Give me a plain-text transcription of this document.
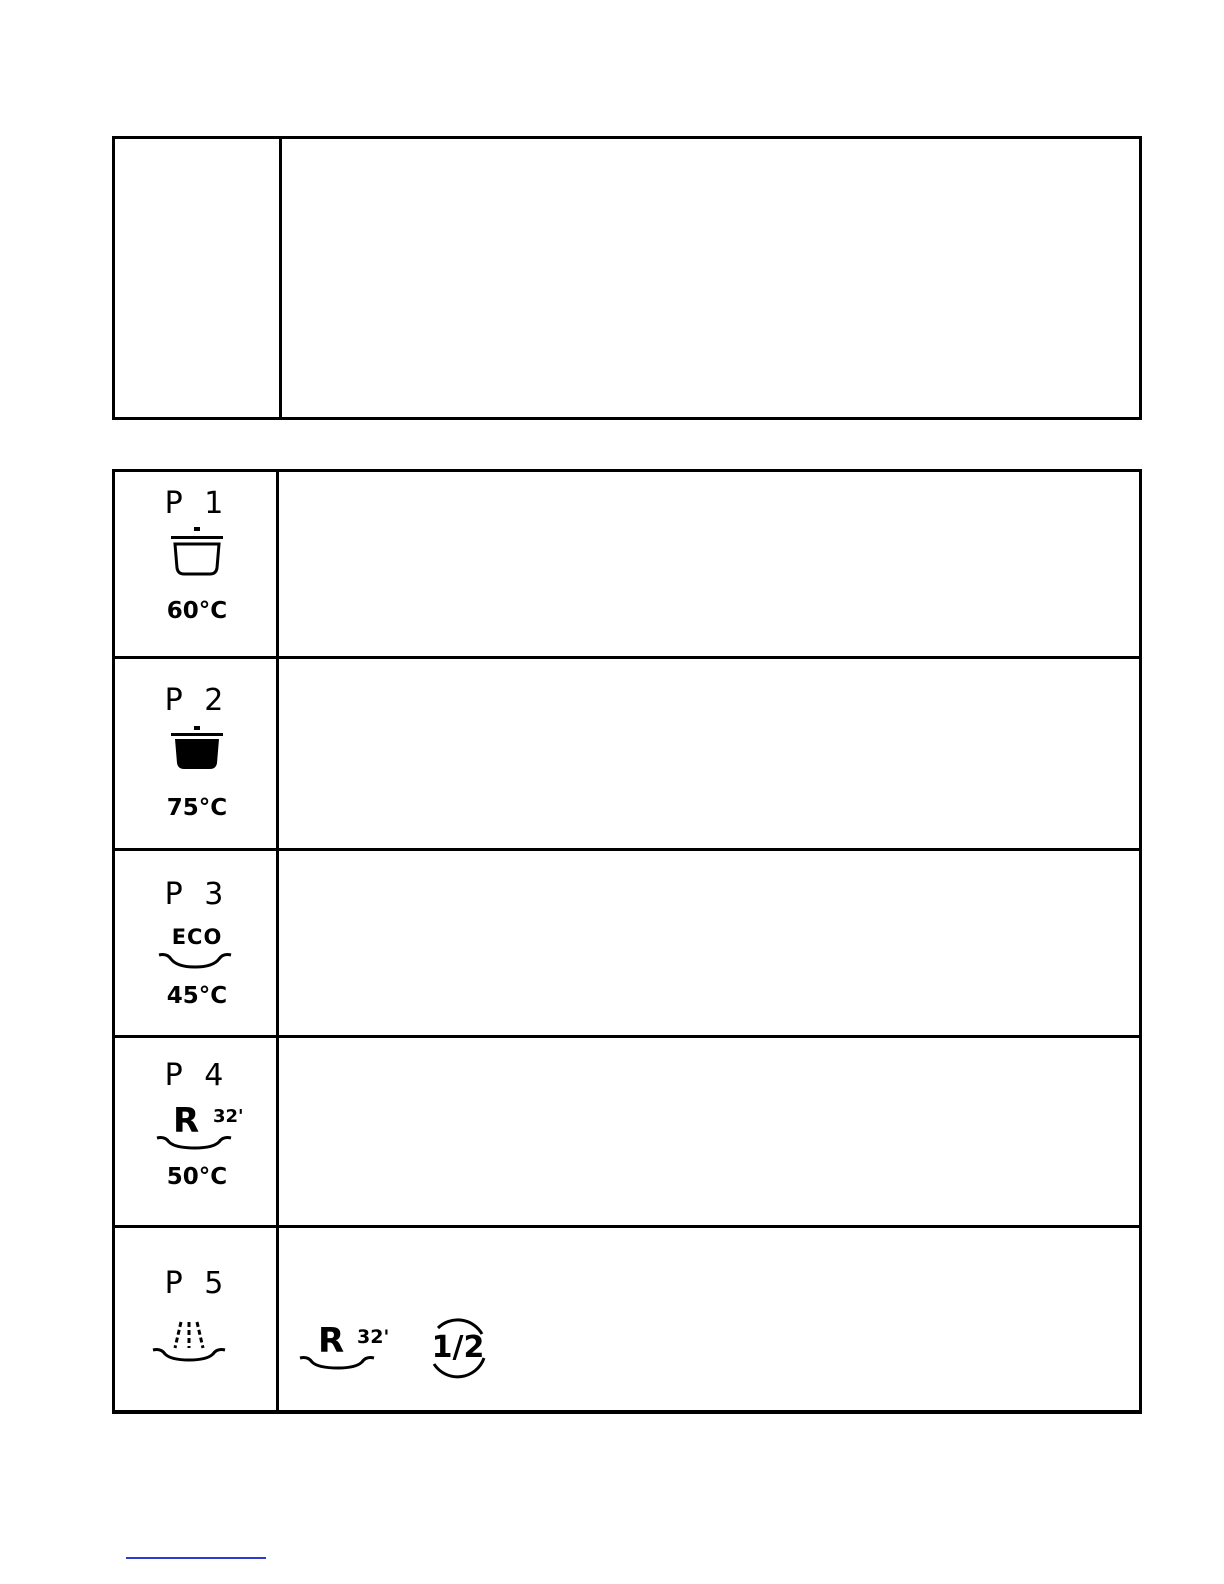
P 1
60°C
P 2
75°C
P 3
ECO
45°C
P 4
R 32'
50°C
P 5
R 32' 1/2
